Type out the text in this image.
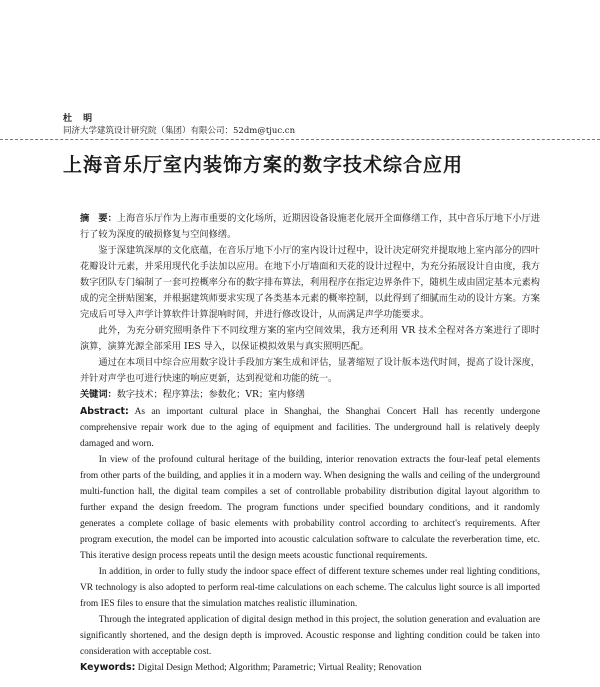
杜 明
同济大学建筑设计研究院（集团）有限公司：52dm@tjuc.cn
上海音乐厅室内装饰方案的数字技术综合应用

摘　要：上海音乐厅作为上海市重要的文化场所，近期因设备设施老化展开全面修缮工作，其中音乐厅地下小厅进行了较为深度的破损修复与空间修缮。

鉴于深建筑深厚的文化底蕴，在音乐厅地下小厅的室内设计过程中，设计决定研究并提取地上室内部分的四叶花瓣设计元素，并采用现代化手法加以应用。在地下小厅墙面和天花的设计过程中，为充分拓展设计自由度，我方数字团队专门编制了一套可控概率分布的数字排布算法，利用程序在指定边界条件下，随机生成由固定基本元素构成的完全拼贴图案，并根据建筑师要求实现了各类基本元素的概率控制，以此得到了细腻而生动的设计方案。方案完成后可导入声学计算软件计算混响时间，并进行修改设计，从而满足声学功能要求。

此外，为充分研究照明条件下不同纹理方案的室内空间效果，我方还利用 VR 技术全程对各方案进行了即时演算，演算光源全部采用 IES 导入，以保证模拟效果与真实照明匹配。

通过在本项目中综合应用数字设计手段加方案生成和评估，显著缩短了设计版本迭代时间，提高了设计深度，并针对声学也可进行快速的响应更新，达到视觉和功能的统一。

关键词：数字技术；程序算法；参数化；VR；室内修缮

Abstract: As an important cultural place in Shanghai, the Shanghai Concert Hall has recently undergone comprehensive repair work due to the aging of equipment and facilities. The underground hall is relatively deeply damaged and worn.

In view of the profound cultural heritage of the building, interior renovation extracts the four-leaf petal elements from other parts of the building, and applies it in a modern way. When designing the walls and ceiling of the underground multi-function hall, the digital team compiles a set of controllable probability distribution digital layout algorithm to further expand the design freedom. The program functions under specified boundary conditions, and it randomly generates a complete collage of basic elements with probability control according to architect's requirements. After program execution, the model can be imported into acoustic calculation software to calculate the reverberation time, etc. This iterative design process repeats until the design meets acoustic functional requirements.

In addition, in order to fully study the indoor space effect of different texture schemes under real lighting conditions, VR technology is also adopted to perform real-time calculations on each scheme. The calculus light source is all imported from IES files to ensure that the simulation matches realistic illumination.

Through the integrated application of digital design method in this project, the solution generation and evaluation are significantly shortened, and the design depth is improved. Acoustic response and lighting condition could be taken into consideration with acceptable cost.

Keywords: Digital Design Method; Algorithm; Parametric; Virtual Reality; Renovation
